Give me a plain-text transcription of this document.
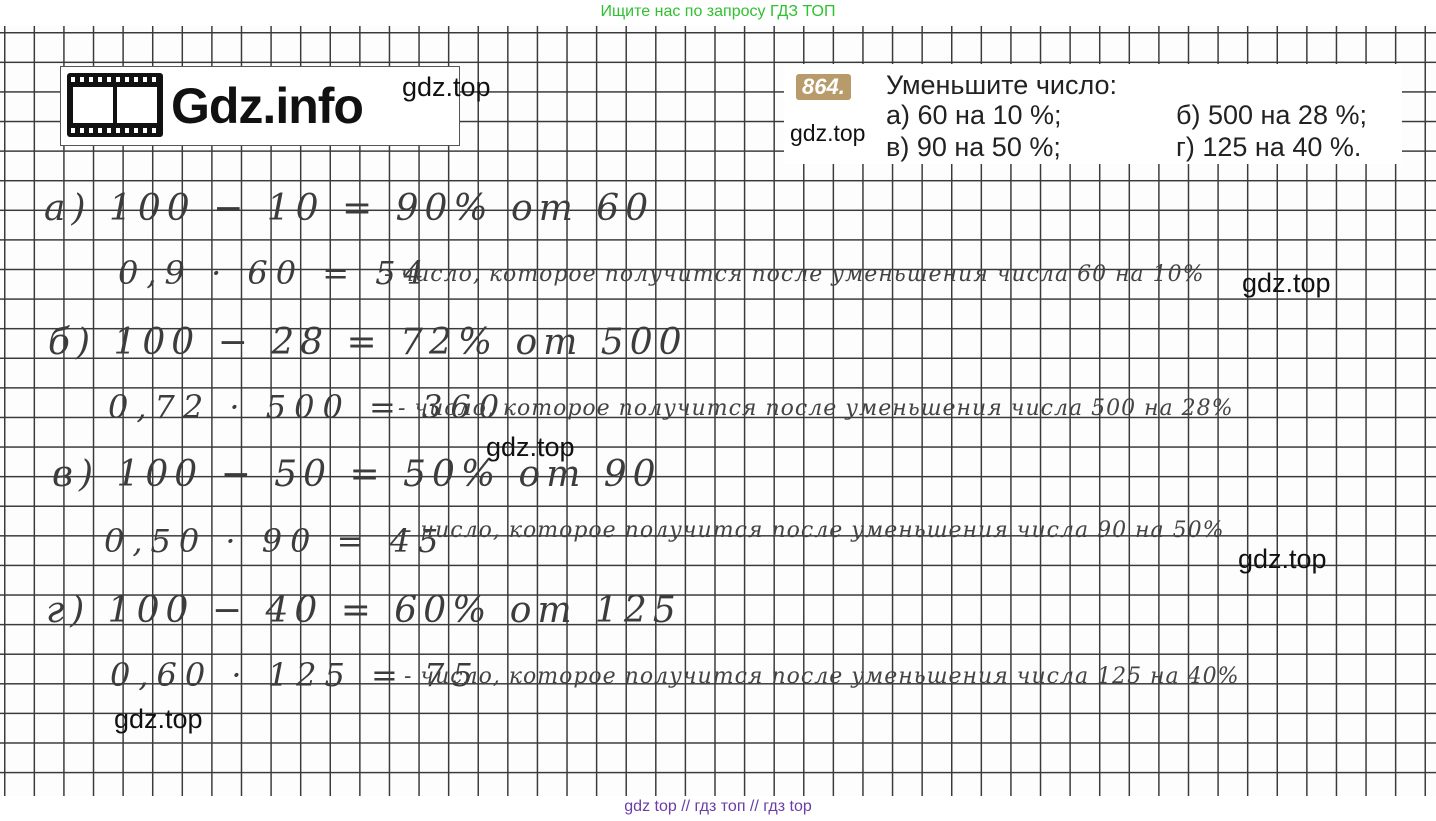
Ищите нас по запросу ГДЗ ТОП
Gdz.info	864. Уменьшите число:
а) 60 на 10 %;	б) 500 на 28 %;
в) 90 на 50 %;	г) 125 на 40 %.
gdz.top
gdz.top
gdz.top
gdz.top
gdz.top
gdz.top
а) 100 − 10 = 90% от 60
0,9 · 60 = 54
- число, которое получится после уменьшения числа 60 на 10%
б) 100 − 28 = 72% от 500
0,72 · 500 = 360
- число, которое получится после уменьшения числа 500 на 28%
в) 100 − 50 = 50% от 90
0,50 · 90 = 45
- число, которое получится после уменьшения числа 90 на 50%
г) 100 − 40 = 60% от 125
0,60 · 125 = 75
- число, которое получится после уменьшения числа 125 на 40%
gdz top // гдз топ // гдз top
